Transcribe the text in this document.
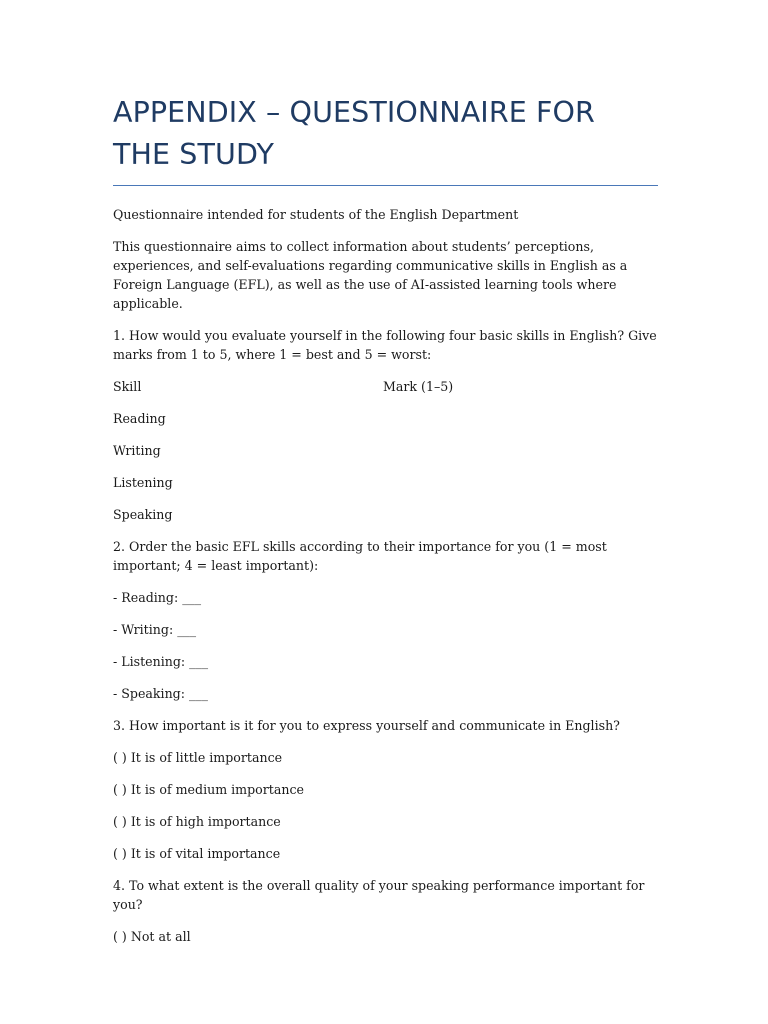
APPENDIX – QUESTIONNAIRE FOR THE STUDY

Questionnaire intended for students of the English Department

This questionnaire aims to collect information about students’ perceptions, experiences, and self-evaluations regarding communicative skills in English as a Foreign Language (EFL), as well as the use of AI-assisted learning tools where applicable.

1. How would you evaluate yourself in the following four basic skills in English? Give marks from 1 to 5, where 1 = best and 5 = worst:

Skill	Mark (1–5)

Reading

Writing

Listening

Speaking

2. Order the basic EFL skills according to their importance for you (1 = most important; 4 = least important):

- Reading: ___

- Writing: ___

- Listening: ___

- Speaking: ___

3. How important is it for you to express yourself and communicate in English?

( ) It is of little importance

( ) It is of medium importance

( ) It is of high importance

( ) It is of vital importance

4. To what extent is the overall quality of your speaking performance important for you?

( ) Not at all
